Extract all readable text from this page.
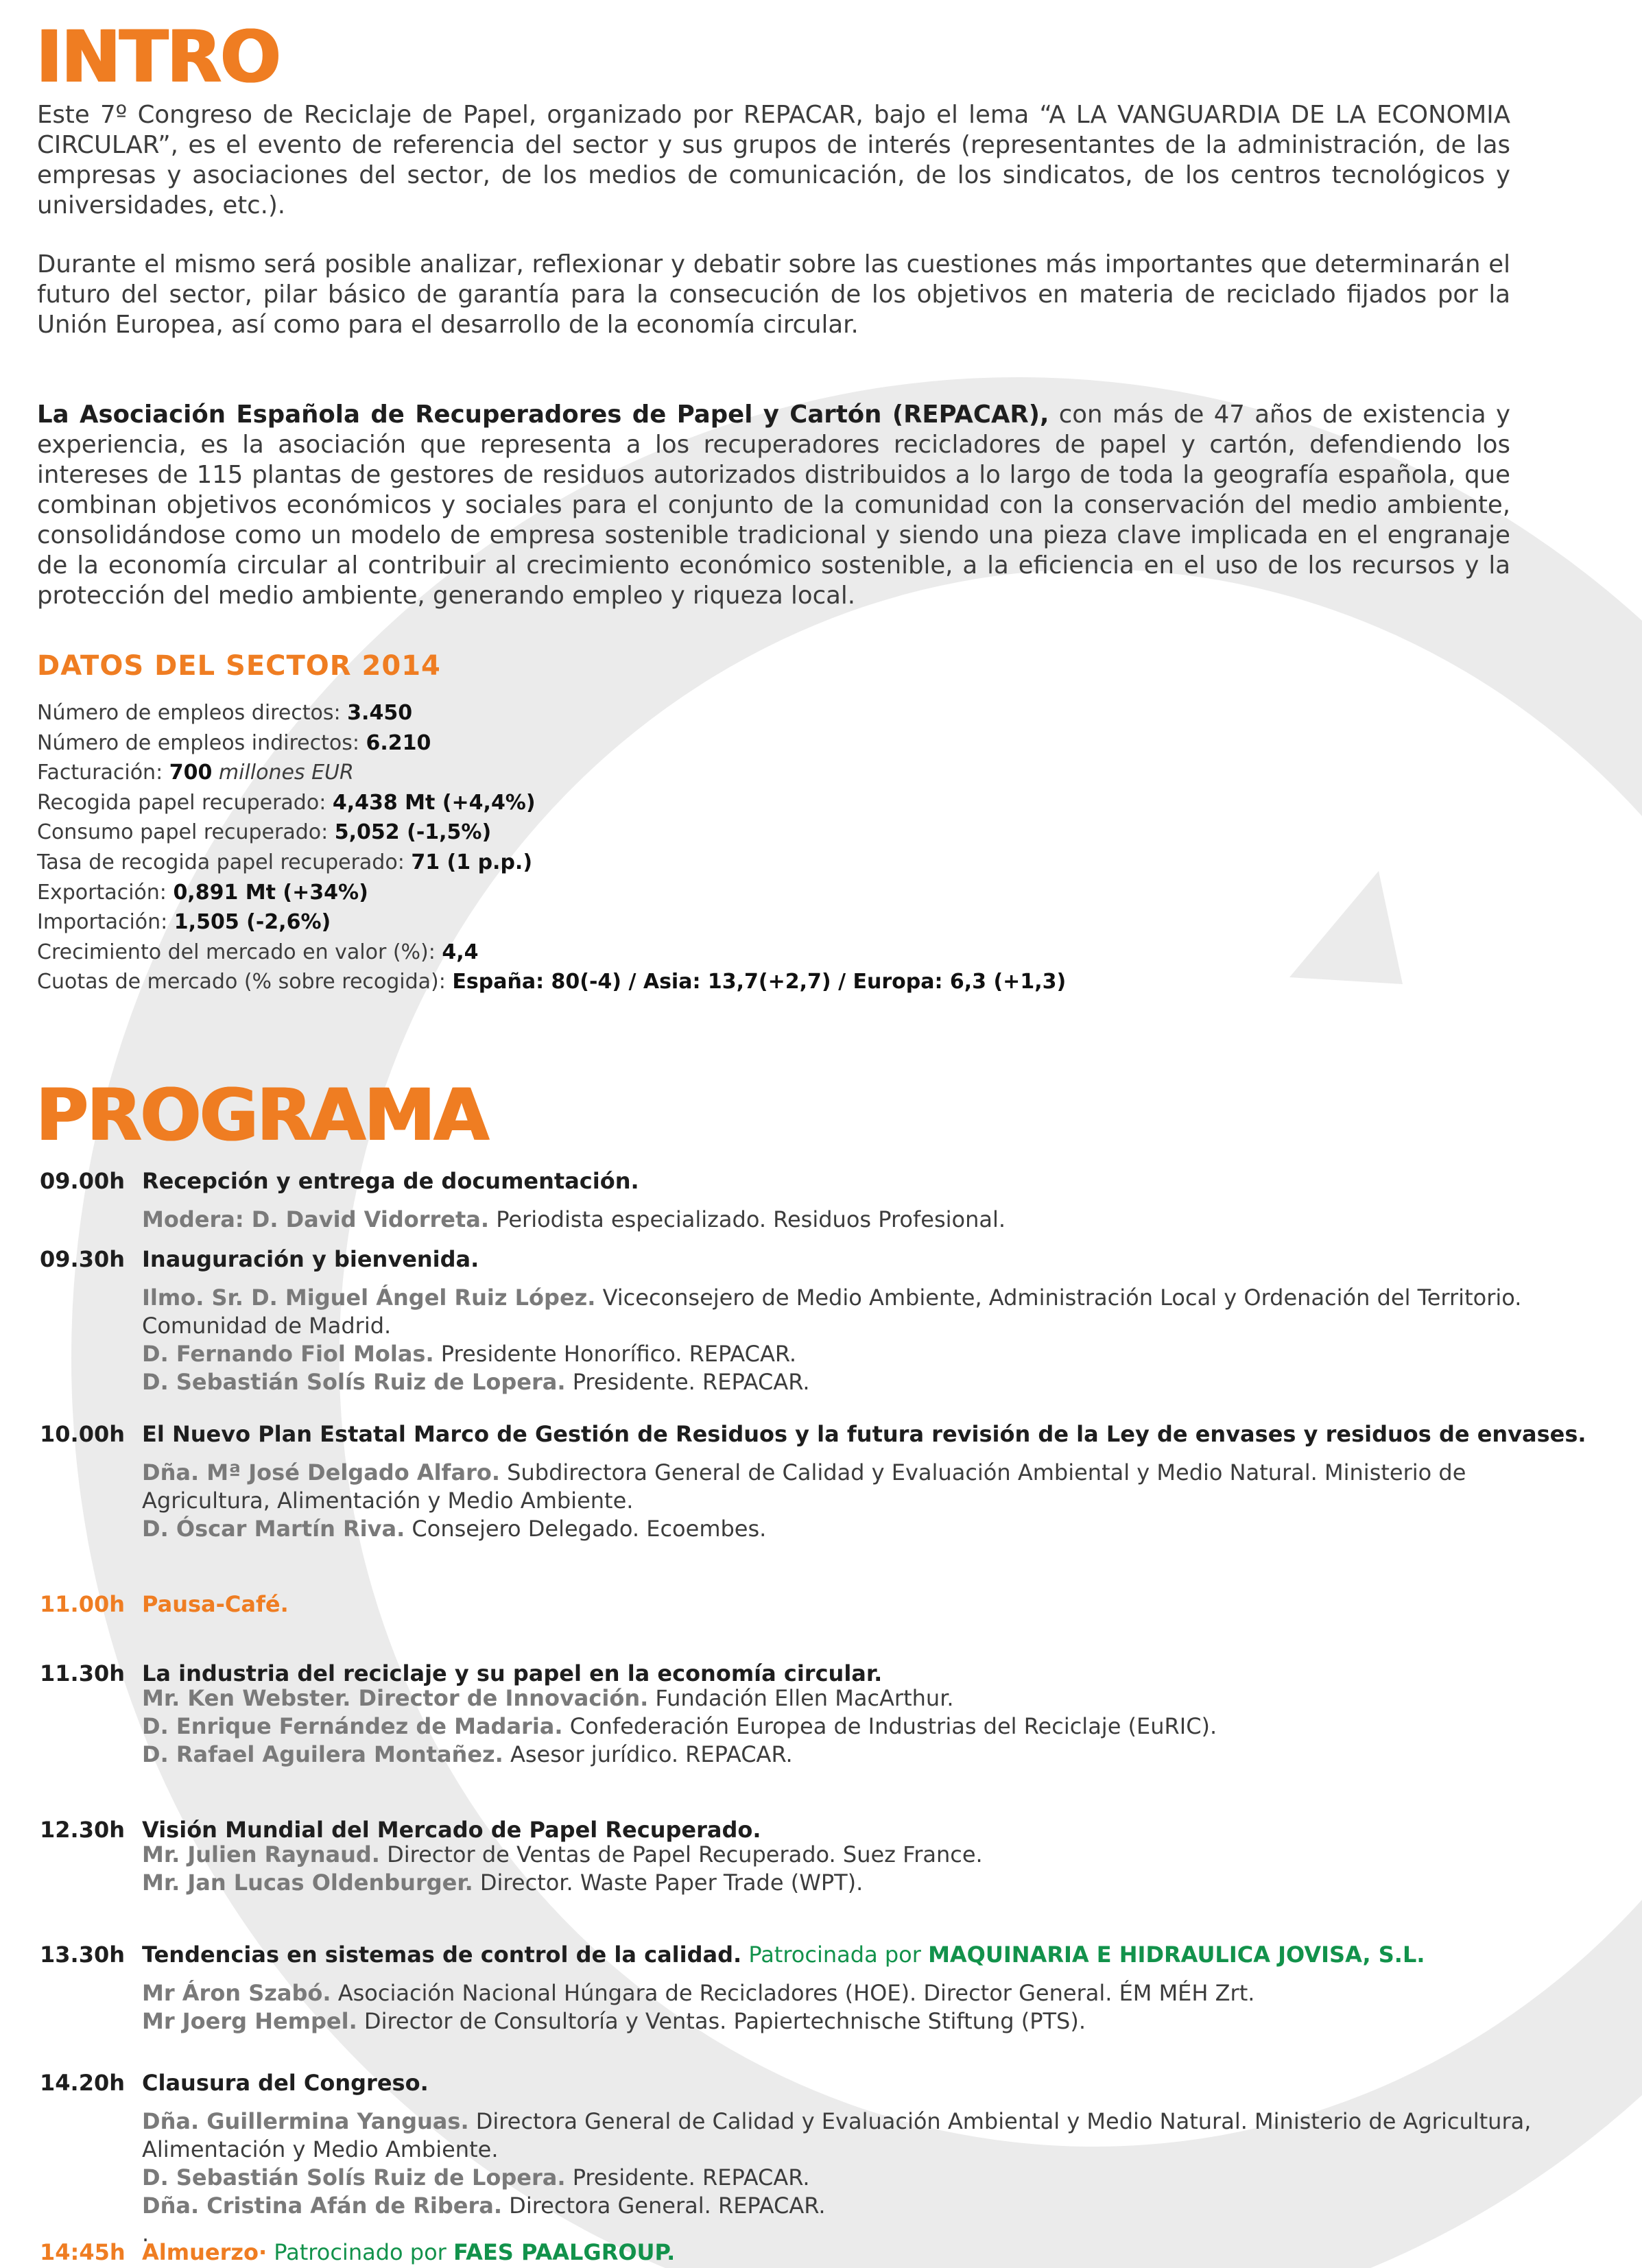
INTRO

Este 7º Congreso de Reciclaje de Papel, organizado por REPACAR, bajo el lema “A LA VANGUARDIA DE LA ECONOMIA CIRCULAR”, es el evento de referencia del sector y sus grupos de interés (representantes de la administración, de las empresas y asociaciones del sector, de los medios de comunicación, de los sindicatos, de los centros tecnológicos y universidades, etc.).

Durante el mismo será posible analizar, reflexionar y debatir sobre las cuestiones más importantes que determinarán el futuro del sector, pilar básico de garantía para la consecución de los objetivos en materia de reciclado fijados por la Unión Europea, así como para el desarrollo de la economía circular.

La Asociación Española de Recuperadores de Papel y Cartón (REPACAR), con más de 47 años de existencia y experiencia, es la asociación que representa a los recuperadores recicladores de papel y cartón, defendiendo los intereses de 115 plantas de gestores de residuos autorizados distribuidos a lo largo de toda la geografía española, que combinan objetivos económicos y sociales para el conjunto de la comunidad con la conservación del medio ambiente, consolidándose como un modelo de empresa sostenible tradicional y siendo una pieza clave implicada en el engranaje de la economía circular al contribuir al crecimiento económico sostenible, a la eficiencia en el uso de los recursos y la protección del medio ambiente, generando empleo y riqueza local.

DATOS DEL SECTOR 2014
Número de empleos directos: 3.450
Número de empleos indirectos: 6.210
Facturación: 700 millones EUR
Recogida papel recuperado: 4,438 Mt (+4,4%)
Consumo papel recuperado: 5,052 (-1,5%)
Tasa de recogida papel recuperado: 71 (1 p.p.)
Exportación: 0,891 Mt (+34%)
Importación: 1,505 (-2,6%)
Crecimiento del mercado en valor (%): 4,4
Cuotas de mercado (% sobre recogida): España: 80(-4) / Asia: 13,7(+2,7) / Europa: 6,3 (+1,3)
PROGRAMA
09.00h Recepción y entrega de documentación.
Modera: D. David Vidorreta. Periodista especializado. Residuos Profesional.
09.30h Inauguración y bienvenida.
Ilmo. Sr. D. Miguel Ángel Ruiz López. Viceconsejero de Medio Ambiente, Administración Local y Ordenación del Territorio. Comunidad de Madrid.
D. Fernando Fiol Molas. Presidente Honorífico. REPACAR.
D. Sebastián Solís Ruiz de Lopera. Presidente. REPACAR.
10.00h El Nuevo Plan Estatal Marco de Gestión de Residuos y la futura revisión de la Ley de envases y residuos de envases.
Dña. Mª José Delgado Alfaro. Subdirectora General de Calidad y Evaluación Ambiental y Medio Natural. Ministerio de Agricultura, Alimentación y Medio Ambiente.
D. Óscar Martín Riva. Consejero Delegado. Ecoembes.
11.00h Pausa-Café.
11.30h La industria del reciclaje y su papel en la economía circular.
Mr. Ken Webster. Director de Innovación. Fundación Ellen MacArthur.
D. Enrique Fernández de Madaria. Confederación Europea de Industrias del Reciclaje (EuRIC).
D. Rafael Aguilera Montañez. Asesor jurídico. REPACAR.
12.30h Visión Mundial del Mercado de Papel Recuperado.
Mr. Julien Raynaud. Director de Ventas de Papel Recuperado. Suez France.
Mr. Jan Lucas Oldenburger. Director. Waste Paper Trade (WPT).
13.30h Tendencias en sistemas de control de la calidad. Patrocinada por MAQUINARIA E HIDRAULICA JOVISA, S.L.
Mr Áron Szabó. Asociación Nacional Húngara de Recicladores (HOE). Director General. ÉM MÉH Zrt.
Mr Joerg Hempel. Director de Consultoría y Ventas. Papiertechnische Stiftung (PTS).
14.20h Clausura del Congreso.
Dña. Guillermina Yanguas. Directora General de Calidad y Evaluación Ambiental y Medio Natural. Ministerio de Agricultura, Alimentación y Medio Ambiente.
D. Sebastián Solís Ruiz de Lopera. Presidente. REPACAR.
Dña. Cristina Afán de Ribera. Directora General. REPACAR.
.
14:45h Almuerzo· Patrocinado por FAES PAALGROUP.
